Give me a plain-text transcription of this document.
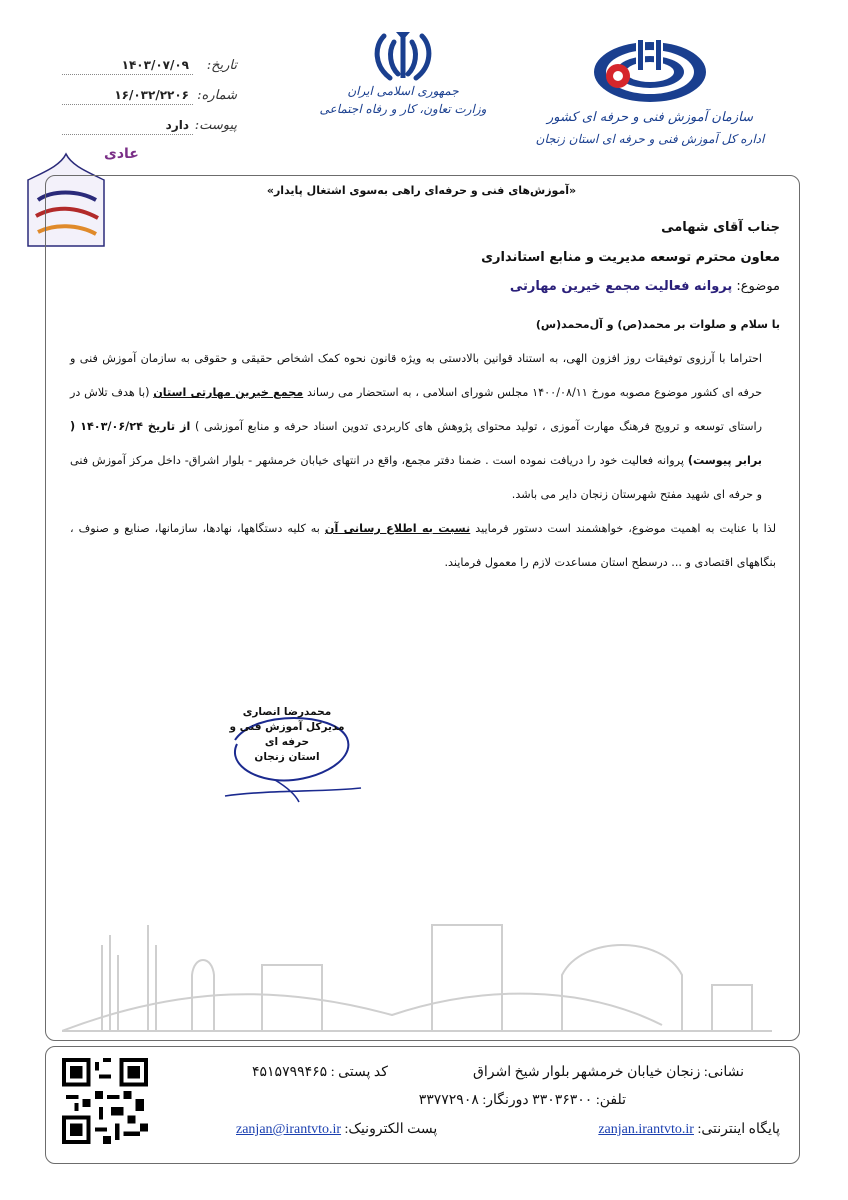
تاریخ:
۱۴۰۳/۰۷/۰۹
شماره:
۱۶/۰۳۲/۲۲۰۶
پیوست:
دارد
عادی
جمهوری اسلامی ایران
وزارت تعاون، کار و رفاه اجتماعی
سازمان آموزش فنی و حرفه ای کشور
اداره کل آموزش فنی و حرفه ای استان زنجان
«آموزش‌های فنی و حرفه‌ای راهی به‌سوی اشتغال پایدار»
جناب آقای شهامی
معاون محترم توسعه مدیریت و منابع استانداری
موضوع: پروانه فعالیت مجمع خیرین مهارتی
با سلام و صلوات بر محمد(ص) و آل‌محمد(س)

احتراما با آرزوی توفیقات روز افزون الهی، به استناد قوانین بالادستی به ویژه قانون نحوه کمک اشخاص حقیقی و حقوقی به سازمان آموزش فنی و حرفه ای کشور موضوع مصوبه مورخ ۱۴۰۰/۰۸/۱۱ مجلس شورای اسلامی ، به استحضار می رساند مجمع خیرین مهارتی استان (با هدف تلاش در راستای توسعه و ترویج فرهنگ مهارت آموزی ، تولید محتوای پژوهش های کاربردی تدوین اسناد حرفه و منابع آموزشی ) از تاریخ ۱۴۰۳/۰۶/۲۴ ( برابر پیوست) پروانه فعالیت خود را دریافت نموده است . ضمنا دفتر مجمع، واقع در انتهای خیابان خرمشهر - بلوار اشراق- داخل مرکز آموزش فنی و حرفه ای شهید مفتح شهرستان زنجان دایر می باشد.

لذا با عنایت به اهمیت موضوع، خواهشمند است دستور فرمایید نسبت به اطلاع رسانی آن به کلیه دستگاهها، نهادها، سازمانها، صنایع و صنوف ، بنگاههای اقتصادی و ... درسطح استان مساعدت لازم را معمول فرمایند.

محمدرضا انصاری
مدیرکل آموزش فنی و حرفه ای
استان زنجان
نشانی: زنجان خیابان خرمشهر بلوار شیخ اشراق
کد پستی : ۴۵۱۵۷۹۹۴۶۵
تلفن: ۳۳۰۳۶۳۰۰ دورنگار: ۳۳۷۷۲۹۰۸
پایگاه اینترنتی: zanjan.irantvto.ir
پست الکترونیک: zanjan@irantvto.ir
